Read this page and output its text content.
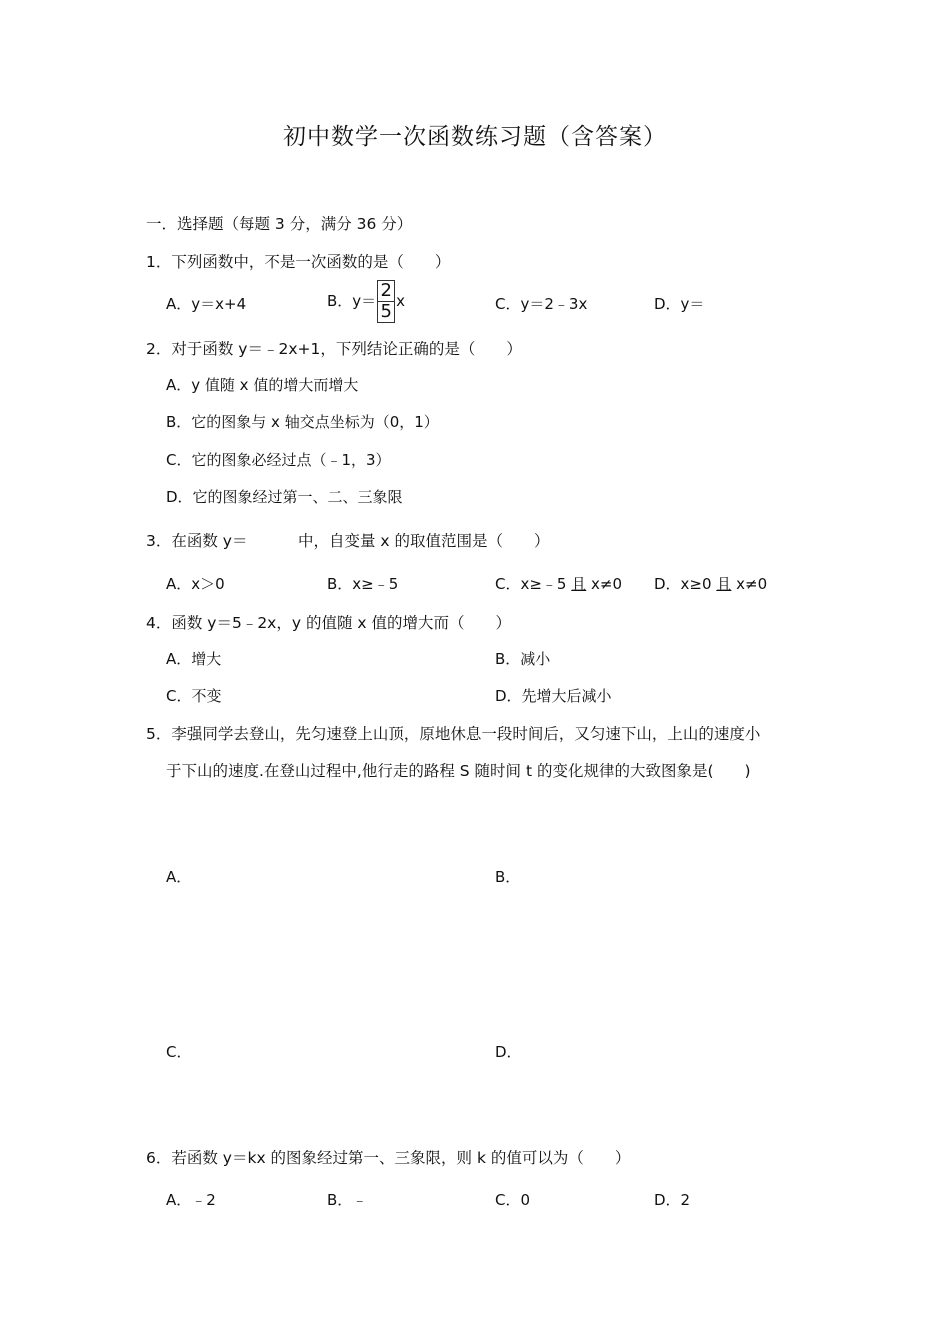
初中数学一次函数练习题（含答案）
一．选择题（每题 3 分，满分 36 分）
1．下列函数中，不是一次函数的是（　　）
A．y＝x+4	B．$y= \frac{2}{5}$ x	C．y＝2﹣3x	D．y＝
2．对于函数 y＝﹣2x+1，下列结论正确的是（　　）
A．y 值随 x 值的增大而增大
B．它的图象与 x 轴交点坐标为（0，1）
C．它的图象必经过点（﹣1，3）
D．它的图象经过第一、二、三象限
3．在函数 y＝	中，自变量 x 的取值范围是（　　）
A．x＞0	B．x≥﹣5	C．x≥﹣5 且 x≠0 D．x≥0 且 x≠0
4．函数 y＝5﹣2x，y 的值随 x 值的增大而（　　）
A．增大	B．减小
C．不变	D．先增大后减小
5．李强同学去登山，先匀速登上山顶，原地休息一段时间后，又匀速下山，上山的速度小
于下山的速度.在登山过程中,他行走的路程 S 随时间 t 的变化规律的大致图象是(　　)
A．	B．
C．	D．
6．若函数 y＝kx 的图象经过第一、三象限，则 k 的值可以为（　　）
A．﹣2	B．﹣	C．0	D．2
